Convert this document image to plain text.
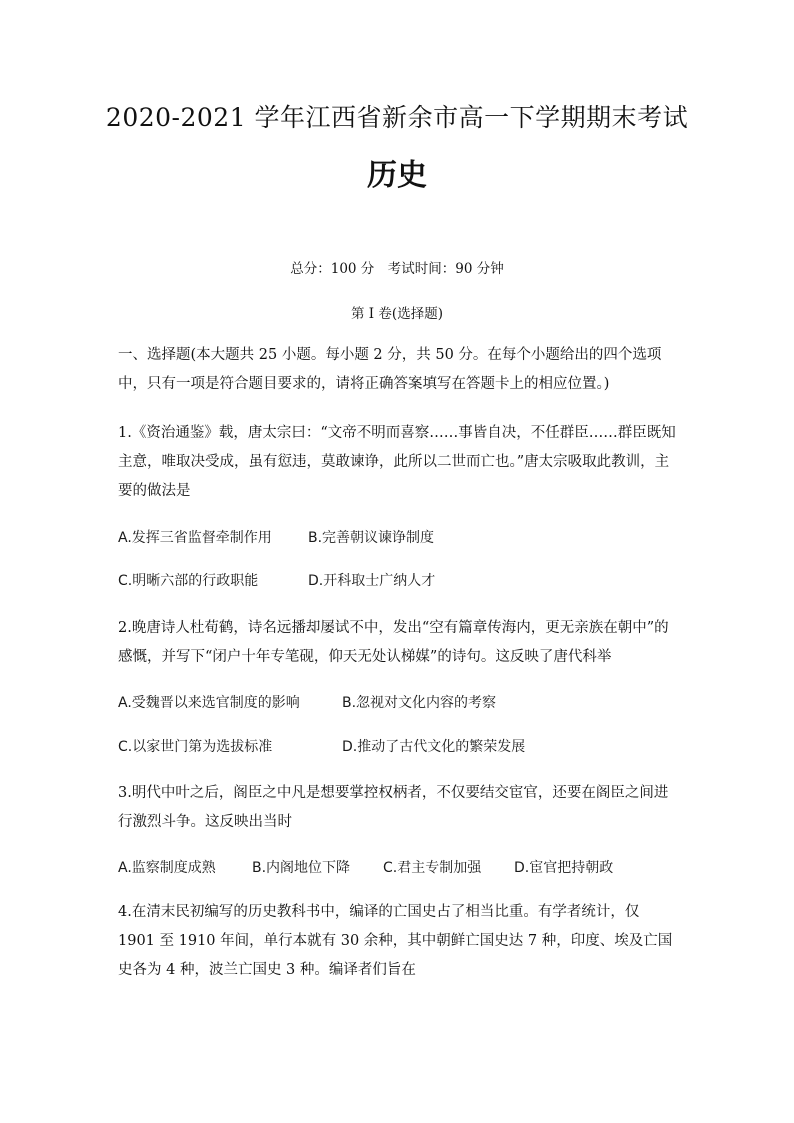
2020-2021 学年江西省新余市高一下学期期末考试
历史
总分：100 分　考试时间：90 分钟
第 I 卷(选择题)

一、选择题(本大题共 25 小题。每小题 2 分，共 50 分。在每个小题给出的四个选项中，只有一项是符合题目要求的，请将正确答案填写在答题卡上的相应位置。)

1.《资治通鉴》载，唐太宗曰：“文帝不明而喜察……事皆自决，不任群臣……群臣既知主意，唯取决受成，虽有愆违，莫敢谏诤，此所以二世而亡也。”唐太宗吸取此教训，主要的做法是

A.发挥三省监督牵制作用	B.完善朝议谏诤制度
C.明晰六部的行政职能	D.开科取士广纳人才

2.晚唐诗人杜荀鹤，诗名远播却屡试不中，发出“空有篇章传海内，更无亲族在朝中”的感慨，并写下“闭户十年专笔砚，仰天无处认梯媒”的诗句。这反映了唐代科举

A.受魏晋以来选官制度的影响	B.忽视对文化内容的考察
C.以家世门第为选拔标准	D.推动了古代文化的繁荣发展

3.明代中叶之后，阁臣之中凡是想要掌控权柄者，不仅要结交宦官，还要在阁臣之间进行激烈斗争。这反映出当时

A.监察制度成熟	B.内阁地位下降	C.君主专制加强	D.宦官把持朝政

4.在清末民初编写的历史教科书中，编译的亡国史占了相当比重。有学者统计，仅 1901 至 1910 年间，单行本就有 30 余种，其中朝鲜亡国史达 7 种，印度、埃及亡国史各为 4 种，波兰亡国史 3 种。编译者们旨在
